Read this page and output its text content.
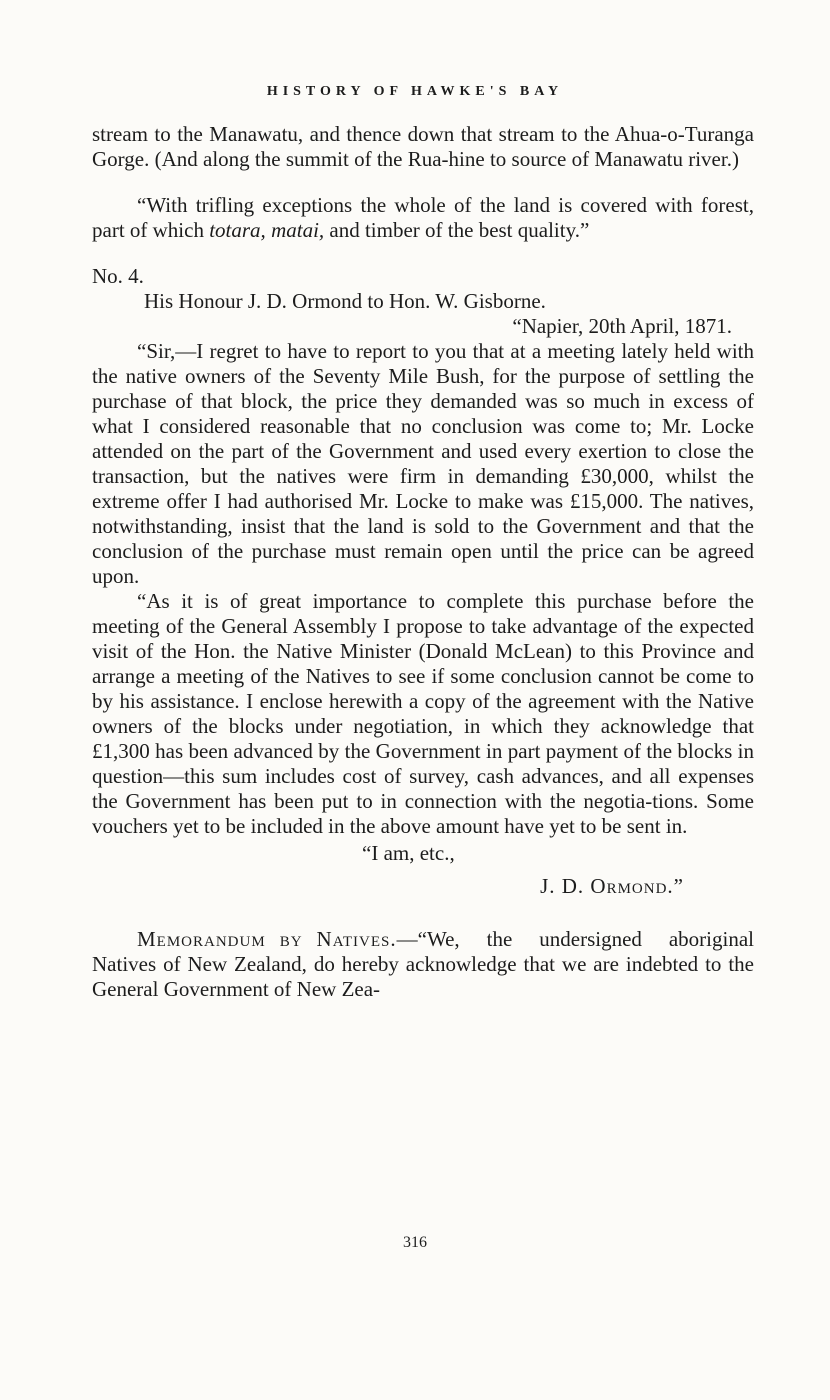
HISTORY OF HAWKE'S BAY

stream to the Manawatu, and thence down that stream to the Ahua-o-Turanga Gorge. (And along the summit of the Rua-hine to source of Manawatu river.)

“With trifling exceptions the whole of the land is covered with forest, part of which totara, matai, and timber of the best quality.”

No. 4.

His Honour J. D. Ormond to Hon. W. Gisborne.

“Napier, 20th April, 1871.

“Sir,—I regret to have to report to you that at a meeting lately held with the native owners of the Seventy Mile Bush, for the purpose of settling the purchase of that block, the price they demanded was so much in excess of what I considered reasonable that no conclusion was come to; Mr. Locke attended on the part of the Government and used every exertion to close the transaction, but the natives were firm in demanding £30,000, whilst the extreme offer I had authorised Mr. Locke to make was £15,000. The natives, notwithstanding, insist that the land is sold to the Government and that the conclusion of the purchase must remain open until the price can be agreed upon.

“As it is of great importance to complete this purchase before the meeting of the General Assembly I propose to take advantage of the expected visit of the Hon. the Native Minister (Donald McLean) to this Province and arrange a meeting of the Natives to see if some conclusion cannot be come to by his assistance. I enclose herewith a copy of the agreement with the Native owners of the blocks under negotiation, in which they acknowledge that £1,300 has been advanced by the Government in part payment of the blocks in question—this sum includes cost of survey, cash advances, and all expenses the Government has been put to in connection with the negotia-tions. Some vouchers yet to be included in the above amount have yet to be sent in.

“I am, etc.,

J. D. Ormond.”

Memorandum by Natives.—“We, the undersigned aboriginal Natives of New Zealand, do hereby acknowledge that we are indebted to the General Government of New Zea-

316
